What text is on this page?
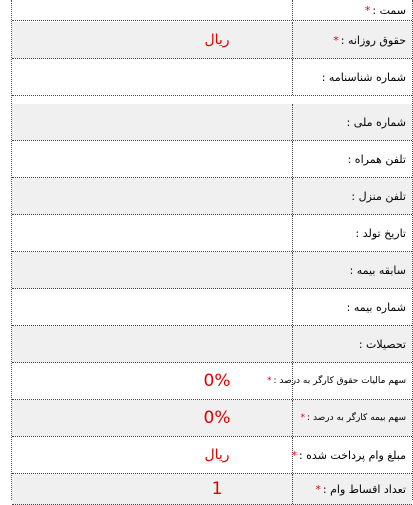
سمت :
*
حقوق روزانه :
*
ریال
شماره شناسنامه :
شماره ملی :
تلفن همراه :
تلفن منزل :
تاریخ تولد :
سابقه بیمه :
شماره بیمه :
تحصیلات :
سهم مالیات حقوق کارگر به درصد :
*
0%
سهم بیمه کارگر به درصد :
*
0%
مبلغ وام پرداخت شده :
*
ریال
تعداد اقساط وام :
*
1
